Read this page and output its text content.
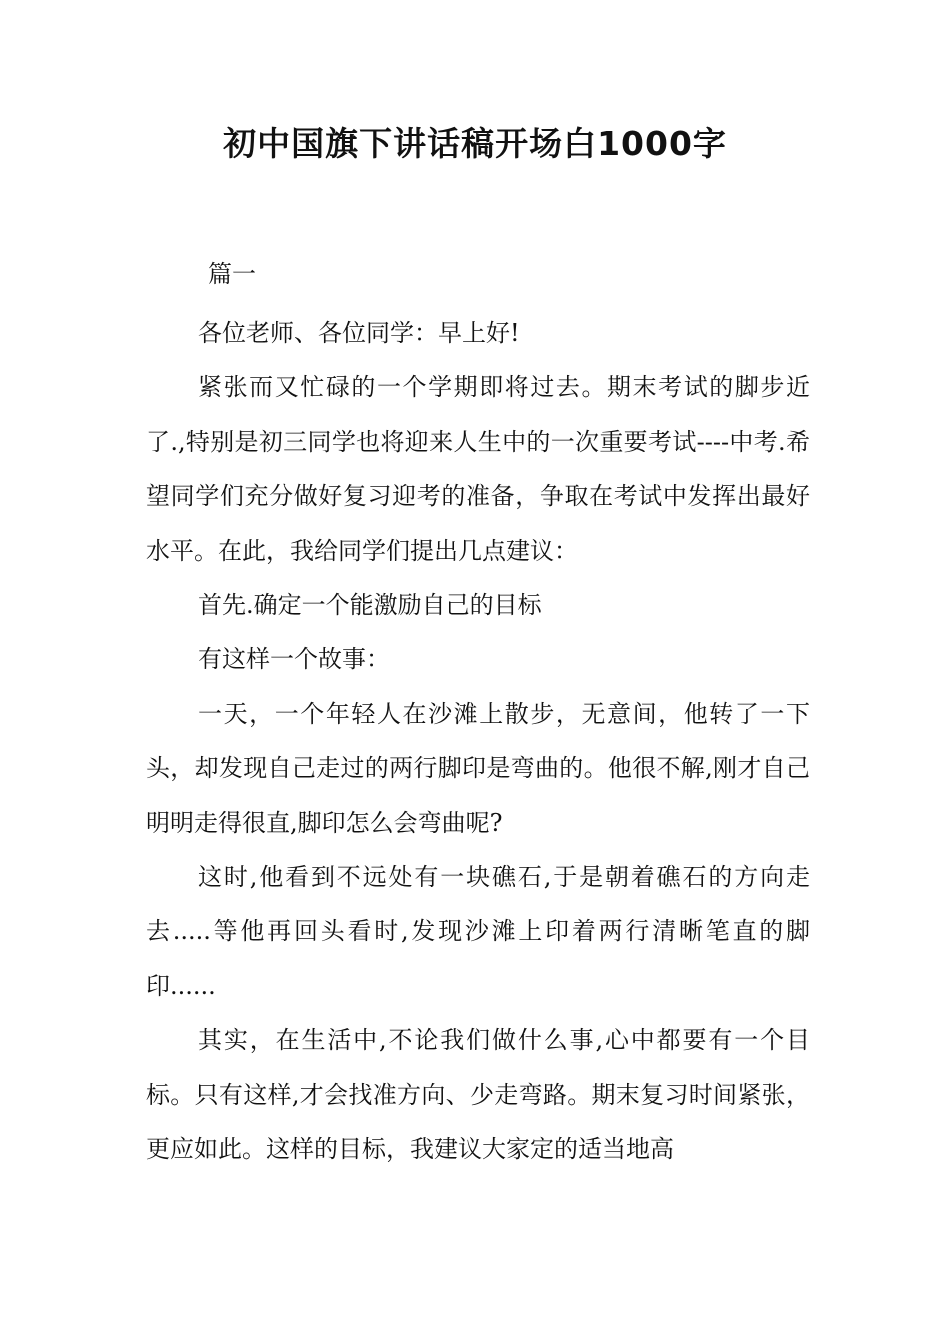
初中国旗下讲话稿开场白1000字
篇一

各位老师、各位同学：早上好!

紧张而又忙碌的一个学期即将过去。期末考试的脚步近了.,特别是初三同学也将迎来人生中的一次重要考试----中考.希望同学们充分做好复习迎考的准备，争取在考试中发挥出最好水平。在此，我给同学们提出几点建议：

首先.确定一个能激励自己的目标

有这样一个故事：

一天，一个年轻人在沙滩上散步，无意间，他转了一下头，却发现自己走过的两行脚印是弯曲的。他很不解,刚才自己明明走得很直,脚印怎么会弯曲呢?

这时,他看到不远处有一块礁石,于是朝着礁石的方向走去.....等他再回头看时,发现沙滩上印着两行清晰笔直的脚印......

其实，在生活中,不论我们做什么事,心中都要有一个目标。只有这样,才会找准方向、少走弯路。期末复习时间紧张，更应如此。这样的目标，我建议大家定的适当地高
